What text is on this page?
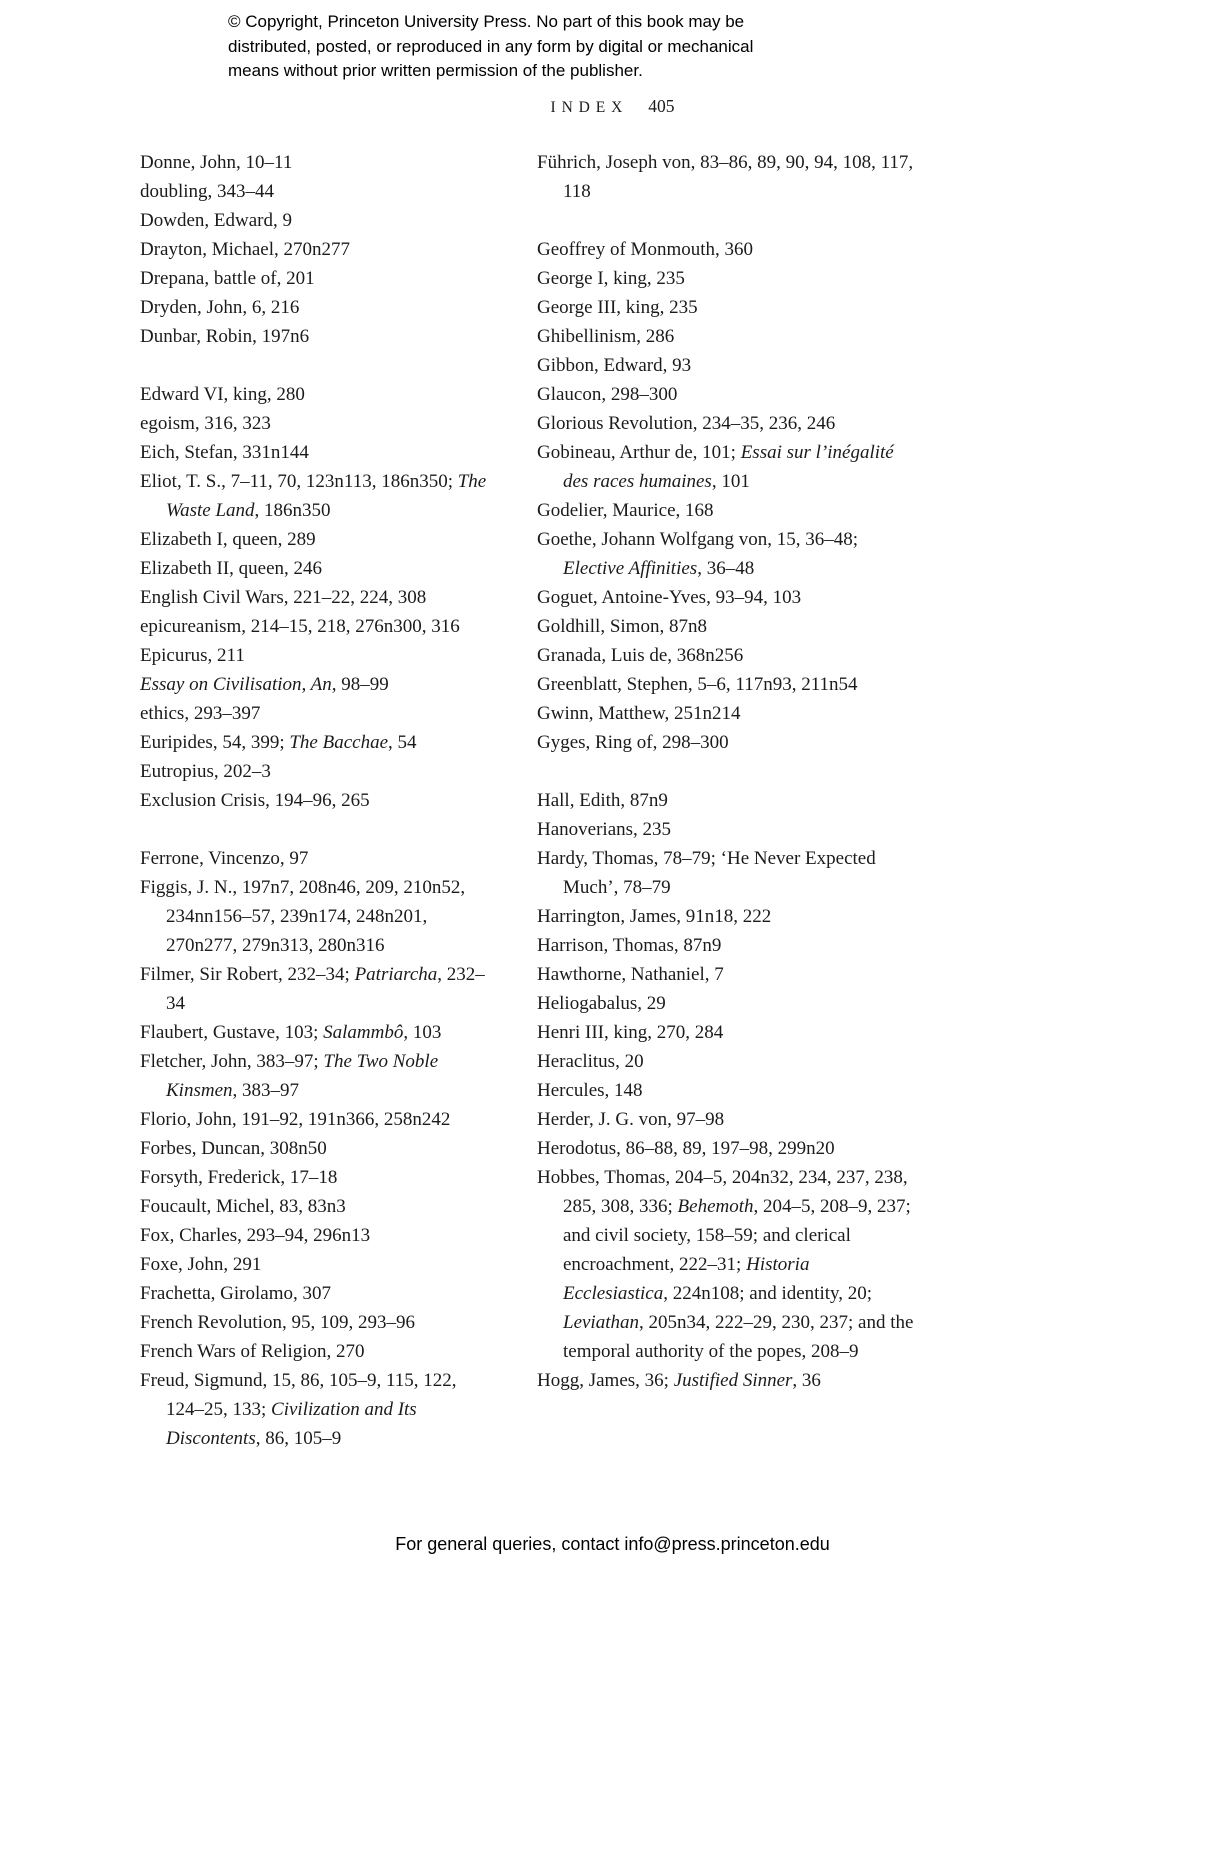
© Copyright, Princeton University Press. No part of this book may be
distributed, posted, or reproduced in any form by digital or mechanical
means without prior written permission of the publisher.
INDEX 405

Donne, John, 10–11

doubling, 343–44

Dowden, Edward, 9

Drayton, Michael, 270n277

Drepana, battle of, 201

Dryden, John, 6, 216

Dunbar, Robin, 197n6

Edward VI, king, 280

egoism, 316, 323

Eich, Stefan, 331n144

Eliot, T. S., 7–11, 70, 123n113, 186n350; The Waste Land, 186n350

Elizabeth I, queen, 289

Elizabeth II, queen, 246

English Civil Wars, 221–22, 224, 308

epicureanism, 214–15, 218, 276n300, 316

Epicurus, 211

Essay on Civilisation, An, 98–99

ethics, 293–397

Euripides, 54, 399; The Bacchae, 54

Eutropius, 202–3

Exclusion Crisis, 194–96, 265

Ferrone, Vincenzo, 97

Figgis, J. N., 197n7, 208n46, 209, 210n52, 234nn156–57, 239n174, 248n201, 270n277, 279n313, 280n316

Filmer, Sir Robert, 232–34; Patriarcha, 232–34

Flaubert, Gustave, 103; Salammbô, 103

Fletcher, John, 383–97; The Two Noble Kinsmen, 383–97

Florio, John, 191–92, 191n366, 258n242

Forbes, Duncan, 308n50

Forsyth, Frederick, 17–18

Foucault, Michel, 83, 83n3

Fox, Charles, 293–94, 296n13

Foxe, John, 291

Frachetta, Girolamo, 307

French Revolution, 95, 109, 293–96

French Wars of Religion, 270

Freud, Sigmund, 15, 86, 105–9, 115, 122, 124–25, 133; Civilization and Its Discontents, 86, 105–9

Führich, Joseph von, 83–86, 89, 90, 94, 108, 117, 118

Geoffrey of Monmouth, 360

George I, king, 235

George III, king, 235

Ghibellinism, 286

Gibbon, Edward, 93

Glaucon, 298–300

Glorious Revolution, 234–35, 236, 246

Gobineau, Arthur de, 101; Essai sur l’inégalité des races humaines, 101

Godelier, Maurice, 168

Goethe, Johann Wolfgang von, 15, 36–48; Elective Affinities, 36–48

Goguet, Antoine-Yves, 93–94, 103

Goldhill, Simon, 87n8

Granada, Luis de, 368n256

Greenblatt, Stephen, 5–6, 117n93, 211n54

Gwinn, Matthew, 251n214

Gyges, Ring of, 298–300

Hall, Edith, 87n9

Hanoverians, 235

Hardy, Thomas, 78–79; ‘He Never Expected Much’, 78–79

Harrington, James, 91n18, 222

Harrison, Thomas, 87n9

Hawthorne, Nathaniel, 7

Heliogabalus, 29

Henri III, king, 270, 284

Heraclitus, 20

Hercules, 148

Herder, J. G. von, 97–98

Herodotus, 86–88, 89, 197–98, 299n20

Hobbes, Thomas, 204–5, 204n32, 234, 237, 238, 285, 308, 336; Behemoth, 204–5, 208–9, 237; and civil society, 158–59; and clerical encroachment, 222–31; Historia Ecclesiastica, 224n108; and identity, 20; Leviathan, 205n34, 222–29, 230, 237; and the temporal authority of the popes, 208–9

Hogg, James, 36; Justified Sinner, 36

For general queries, contact info@press.princeton.edu
